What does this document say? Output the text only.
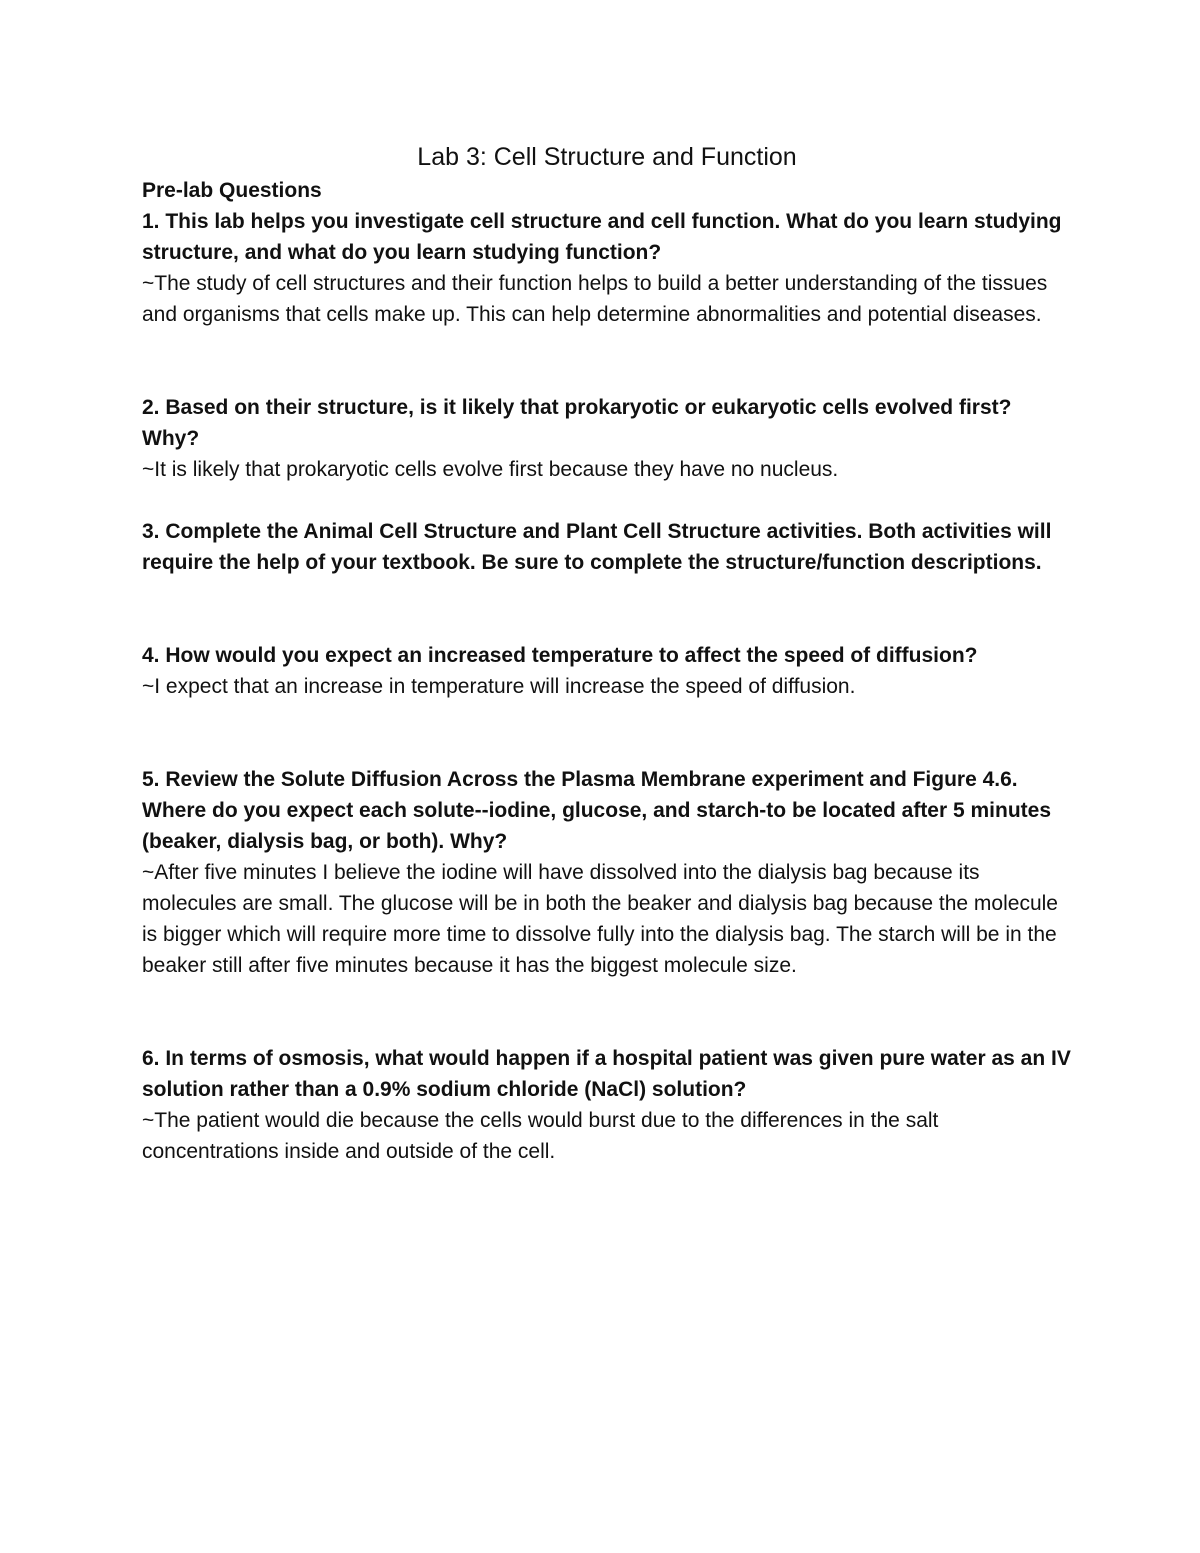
Lab 3: Cell Structure and Function
Pre-lab Questions

1. This lab helps you investigate cell structure and cell function. What do you learn studying structure, and what do you learn studying function?

~The study of cell structures and their function helps to build a better understanding of the tissues and organisms that cells make up. This can help determine abnormalities and potential diseases.

2. Based on their structure, is it likely that prokaryotic or eukaryotic cells evolved first? Why?

~It is likely that prokaryotic cells evolve first because they have no nucleus.

3. Complete the Animal Cell Structure and Plant Cell Structure activities. Both activities will require the help of your textbook. Be sure to complete the structure/function descriptions.

4. How would you expect an increased temperature to affect the speed of diffusion?

~I expect that an increase in temperature will increase the speed of diffusion.

5. Review the Solute Diffusion Across the Plasma Membrane experiment and Figure 4.6. Where do you expect each solute--iodine, glucose, and starch-to be located after 5 minutes (beaker, dialysis bag, or both). Why?

~After five minutes I believe the iodine will have dissolved into the dialysis bag because its molecules are small. The glucose will be in both the beaker and dialysis bag because the molecule is bigger which will require more time to dissolve fully into the dialysis bag. The starch will be in the beaker still after five minutes because it has the biggest molecule size.

6. In terms of osmosis, what would happen if a hospital patient was given pure water as an IV solution rather than a 0.9% sodium chloride (NaCl) solution?

~The patient would die because the cells would burst due to the differences in the salt concentrations inside and outside of the cell.
